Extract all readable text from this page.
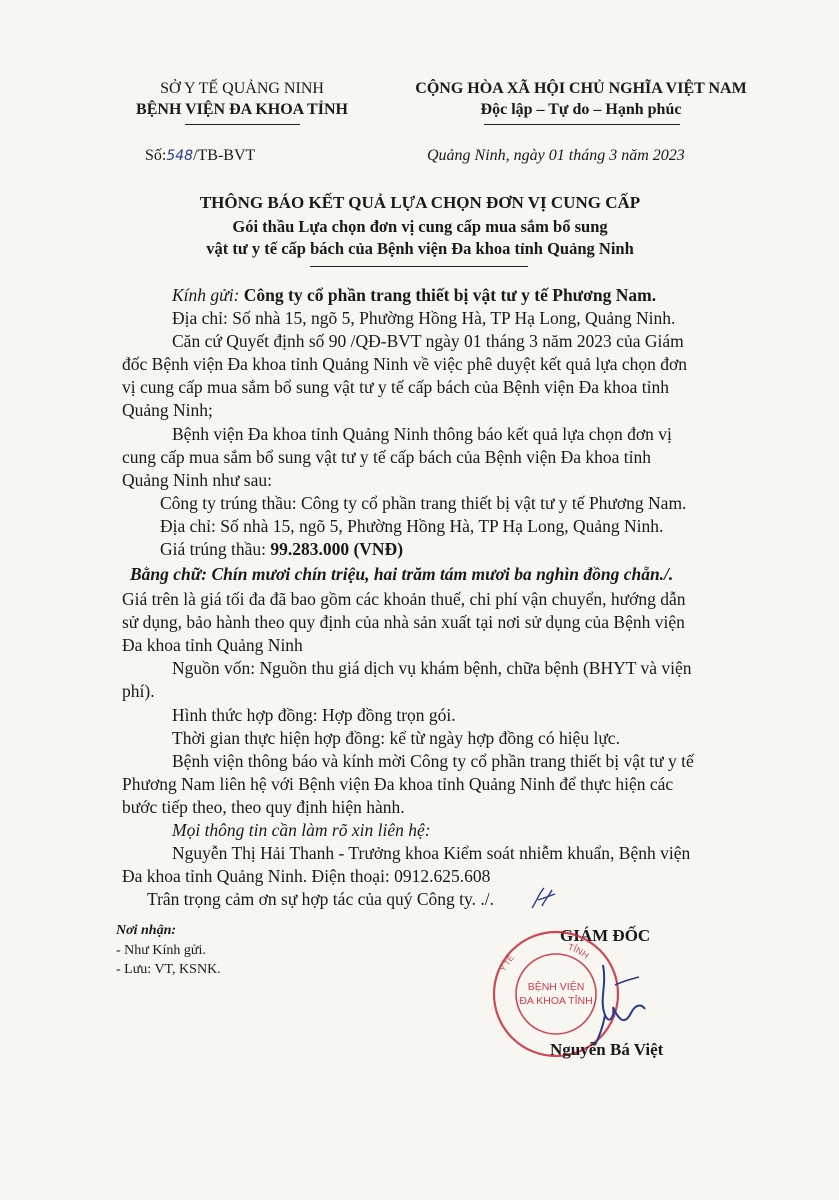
SỞ Y TẾ QUẢNG NINH
BỆNH VIỆN ĐA KHOA TỈNH
CỘNG HÒA XÃ HỘI CHỦ NGHĨA VIỆT NAM
Độc lập – Tự do – Hạnh phúc
Số:548/TB-BVT	Quảng Ninh, ngày 01 tháng 3 năm 2023
THÔNG BÁO KẾT QUẢ LỰA CHỌN ĐƠN VỊ CUNG CẤP
Gói thầu Lựa chọn đơn vị cung cấp mua sắm bổ sung
vật tư y tế cấp bách của Bệnh viện Đa khoa tỉnh Quảng Ninh
Kính gửi: Công ty cổ phần trang thiết bị vật tư y tế Phương Nam.
Địa chỉ: Số nhà 15, ngõ 5, Phường Hồng Hà, TP Hạ Long, Quảng Ninh.
Căn cứ Quyết định số 90 /QĐ-BVT ngày 01 tháng 3 năm 2023 của Giám
đốc Bệnh viện Đa khoa tỉnh Quảng Ninh về việc phê duyệt kết quả lựa chọn đơn
vị cung cấp mua sắm bổ sung vật tư y tế cấp bách của Bệnh viện Đa khoa tỉnh
Quảng Ninh;
Bệnh viện Đa khoa tỉnh Quảng Ninh thông báo kết quả lựa chọn đơn vị
cung cấp mua sắm bổ sung vật tư y tế cấp bách của Bệnh viện Đa khoa tỉnh
Quảng Ninh như sau:
Công ty trúng thầu: Công ty cổ phần trang thiết bị vật tư y tế Phương Nam.
Địa chỉ: Số nhà 15, ngõ 5, Phường Hồng Hà, TP Hạ Long, Quảng Ninh.
Giá trúng thầu: 99.283.000 (VNĐ)
Bằng chữ: Chín mươi chín triệu, hai trăm tám mươi ba nghìn đồng chẵn./.
Giá trên là giá tối đa đã bao gồm các khoản thuế, chi phí vận chuyển, hướng dẫn
sử dụng, bảo hành theo quy định của nhà sản xuất tại nơi sử dụng của Bệnh viện
Đa khoa tỉnh Quảng Ninh
Nguồn vốn: Nguồn thu giá dịch vụ khám bệnh, chữa bệnh (BHYT và viện
phí).
Hình thức hợp đồng: Hợp đồng trọn gói.
Thời gian thực hiện hợp đồng: kể từ ngày hợp đồng có hiệu lực.
Bệnh viện thông báo và kính mời Công ty cổ phần trang thiết bị vật tư y tế
Phương Nam liên hệ với Bệnh viện Đa khoa tỉnh Quảng Ninh để thực hiện các
bước tiếp theo, theo quy định hiện hành.
Mọi thông tin cần làm rõ xin liên hệ:
Nguyễn Thị Hải Thanh - Trưởng khoa Kiểm soát nhiễm khuẩn, Bệnh viện
Đa khoa tỉnh Quảng Ninh. Điện thoại: 0912.625.608
Trân trọng cảm ơn sự hợp tác của quý Công ty. ./.
Nơi nhận:
- Như Kính gửi.
- Lưu: VT, KSNK.
GIÁM ĐỐC
TỈNH
Y TẾ
BỆNH VIỆN
ĐA KHOA TỈNH
Nguyễn Bá Việt
